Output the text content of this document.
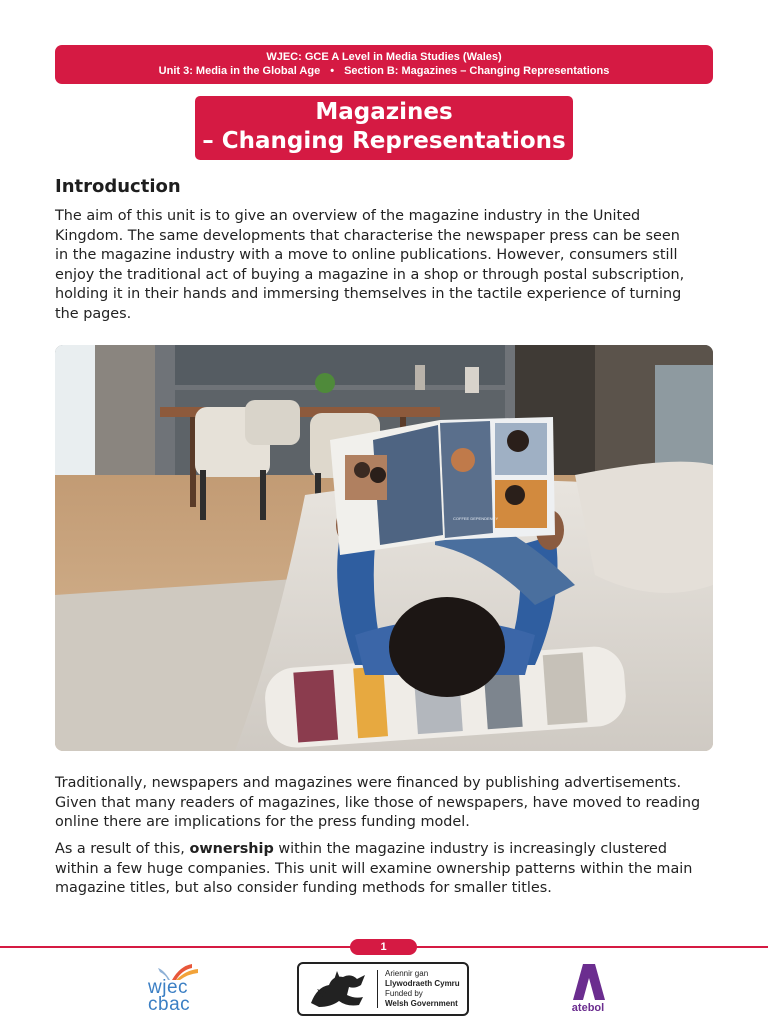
WJEC: GCE A Level in Media Studies (Wales)
Unit 3: Media in the Global Age • Section B: Magazines – Changing Representations
Magazines
– Changing Representations
Introduction

The aim of this unit is to give an overview of the magazine industry in the United
Kingdom. The same developments that characterise the newspaper press can be seen
in the magazine industry with a move to online publications. However, consumers still
enjoy the traditional act of buying a magazine in a shop or through postal subscription,
holding it in their hands and immersing themselves in the tactile experience of turning
the pages.

COFFEE DEPENDENCY

Traditionally, newspapers and magazines were financed by publishing advertisements.
Given that many readers of magazines, like those of newspapers, have moved to reading
online there are implications for the press funding model.

As a result of this, ownership within the magazine industry is increasingly clustered
within a few huge companies. This unit will examine ownership patterns within the main
magazine titles, but also consider funding methods for smaller titles.

1
wjec
cbac
Ariennir gan
Llywodraeth Cymru
Funded by
Welsh Government	atebol
